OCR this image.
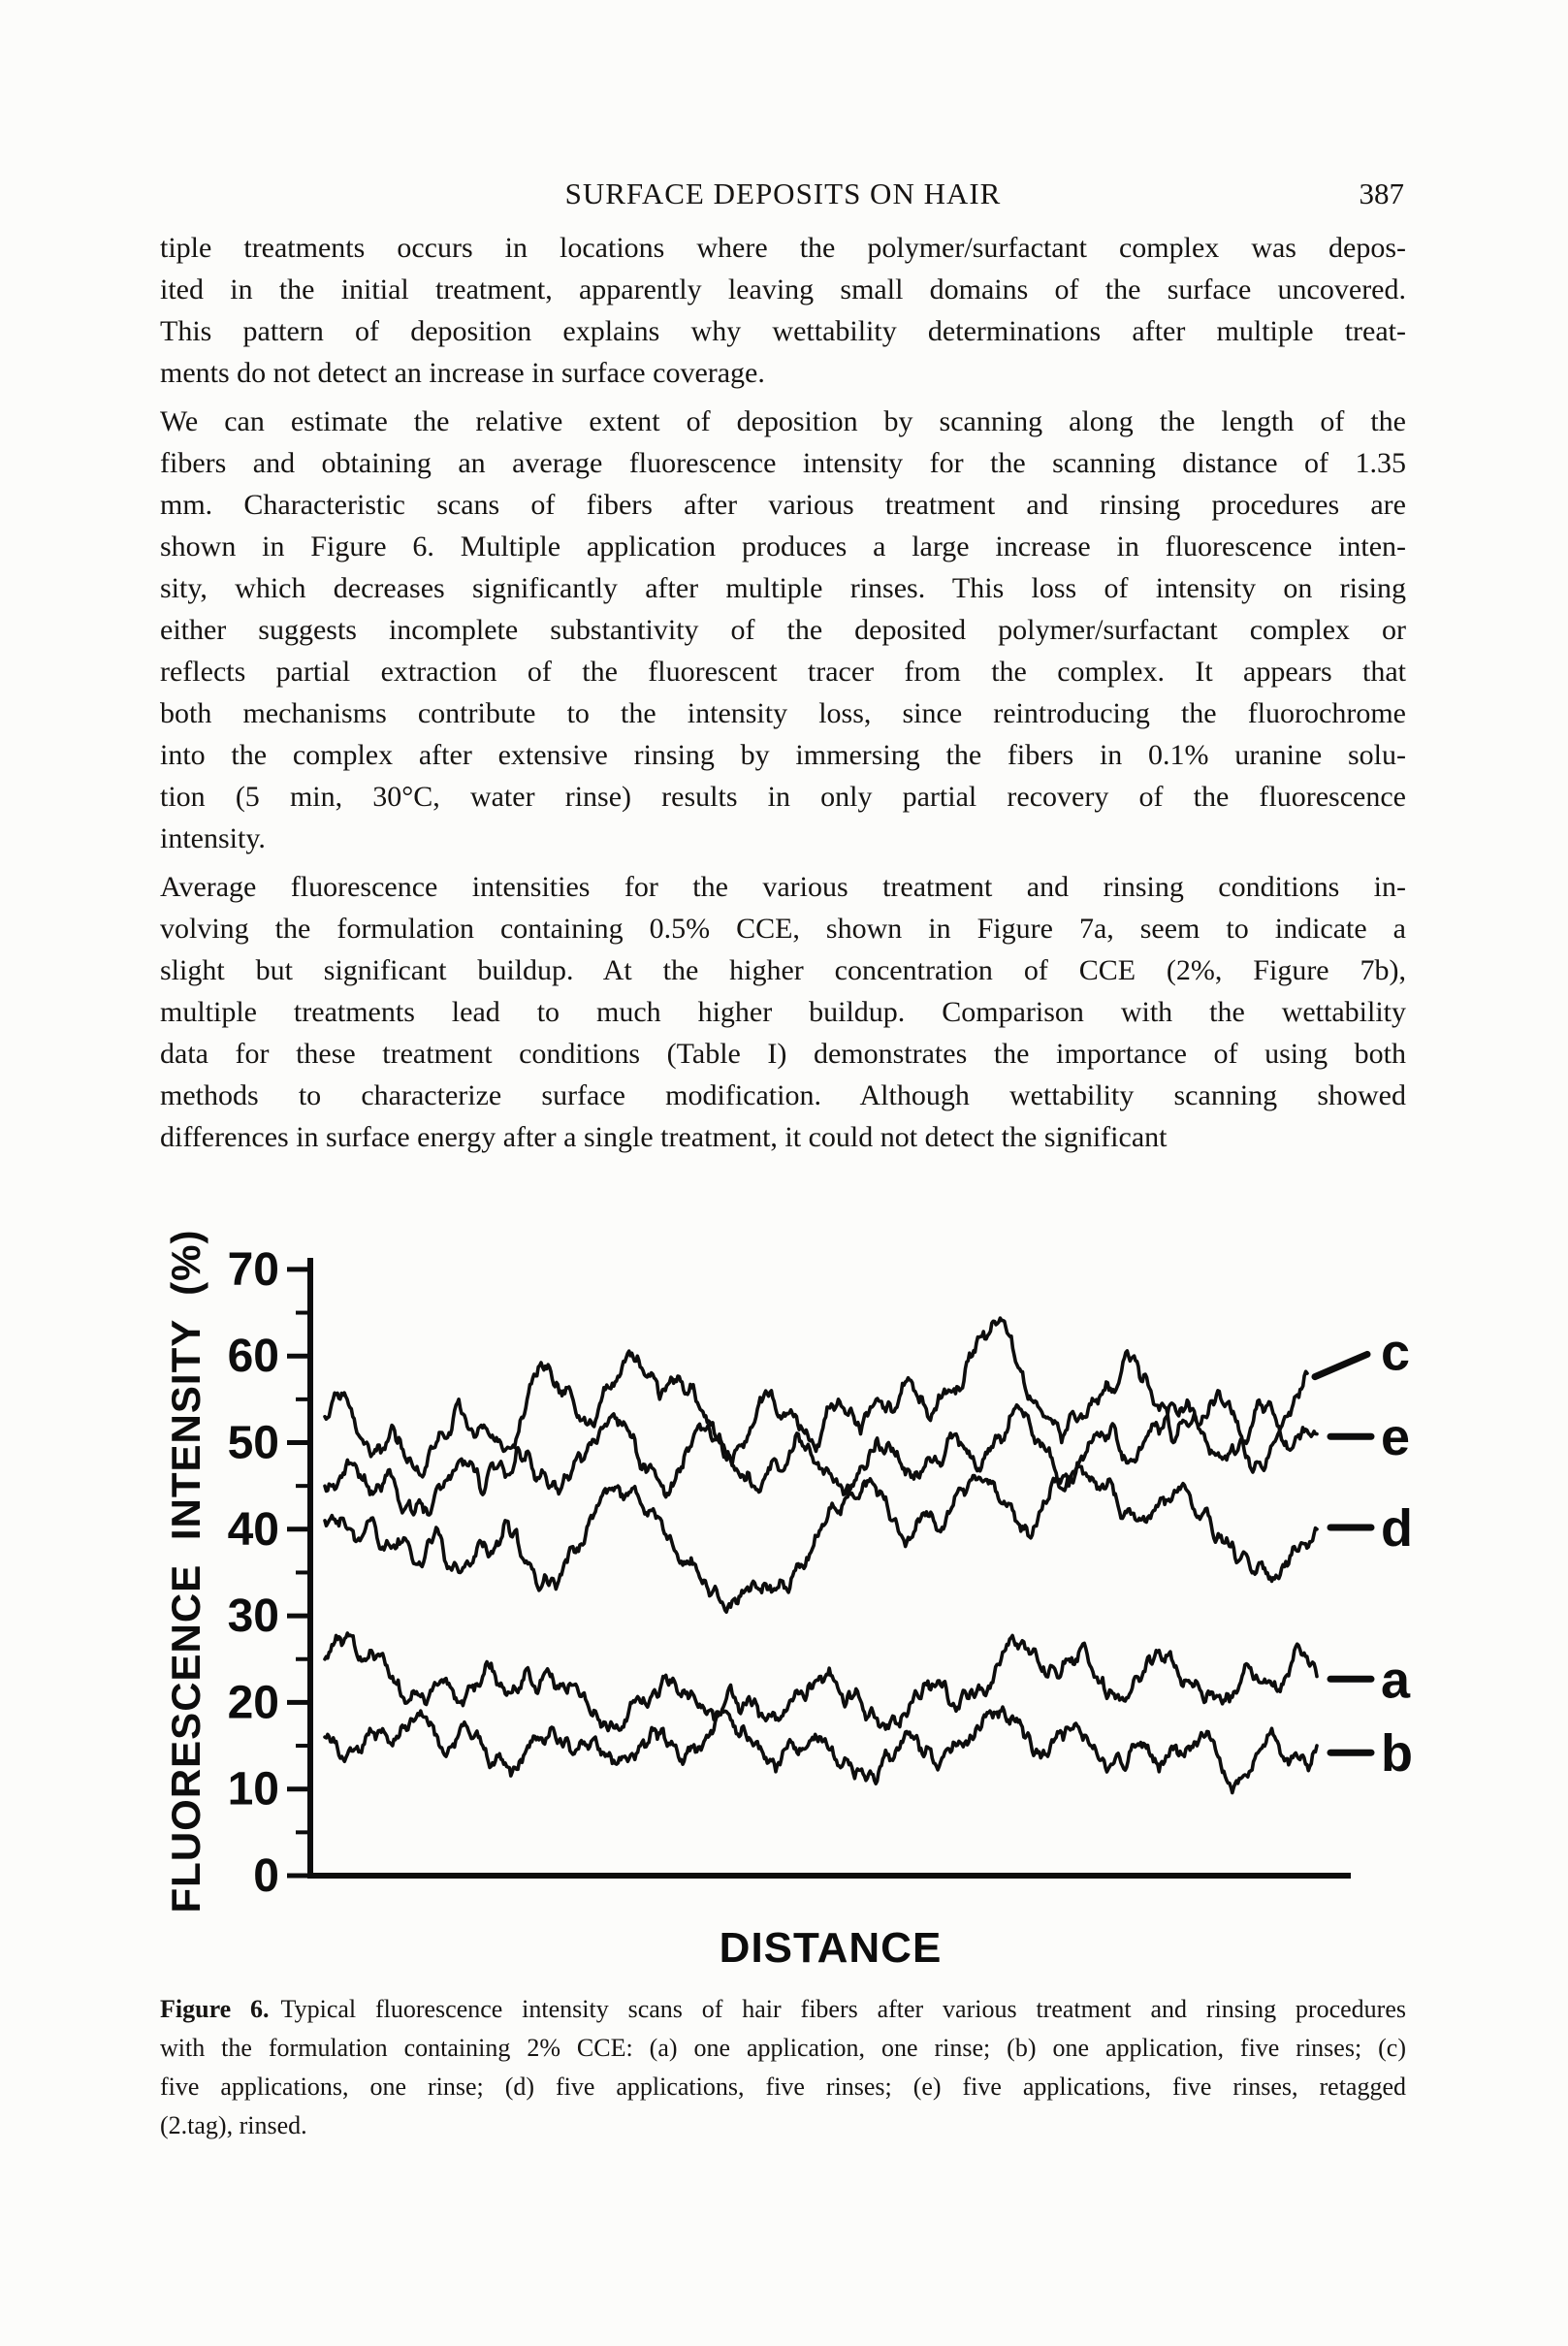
SURFACE DEPOSITS ON HAIR	387
tiple treatments occurs in locations where the polymer/surfactant complex was depos-
ited in the initial treatment, apparently leaving small domains of the surface uncovered.
This pattern of deposition explains why wettability determinations after multiple treat-
ments do not detect an increase in surface coverage.
We can estimate the relative extent of deposition by scanning along the length of the
fibers and obtaining an average fluorescence intensity for the scanning distance of 1.35
mm. Characteristic scans of fibers after various treatment and rinsing procedures are
shown in Figure 6. Multiple application produces a large increase in fluorescence inten-
sity, which decreases significantly after multiple rinses. This loss of intensity on rising
either suggests incomplete substantivity of the deposited polymer/surfactant complex or
reflects partial extraction of the fluorescent tracer from the complex. It appears that
both mechanisms contribute to the intensity loss, since reintroducing the fluorochrome
into the complex after extensive rinsing by immersing the fibers in 0.1% uranine solu-
tion (5 min, 30°C, water rinse) results in only partial recovery of the fluorescence
intensity.
Average fluorescence intensities for the various treatment and rinsing conditions in-
volving the formulation containing 0.5% CCE, shown in Figure 7a, seem to indicate a
slight but significant buildup. At the higher concentration of CCE (2%, Figure 7b),
multiple treatments lead to much higher buildup. Comparison with the wettability
data for these treatment conditions (Table I) demonstrates the importance of using both
methods to characterize surface modification. Although wettability scanning showed
differences in surface energy after a single treatment, it could not detect the significant
FLUORESCENCE INTENSITY (%) 0
10
20
30
40
50
60
70
c
e
d
a
b
DISTANCE
Figure 6. Typical fluorescence intensity scans of hair fibers after various treatment and rinsing procedures
with the formulation containing 2% CCE: (a) one application, one rinse; (b) one application, five rinses; (c)
five applications, one rinse; (d) five applications, five rinses; (e) five applications, five rinses, retagged
(2.tag), rinsed.
